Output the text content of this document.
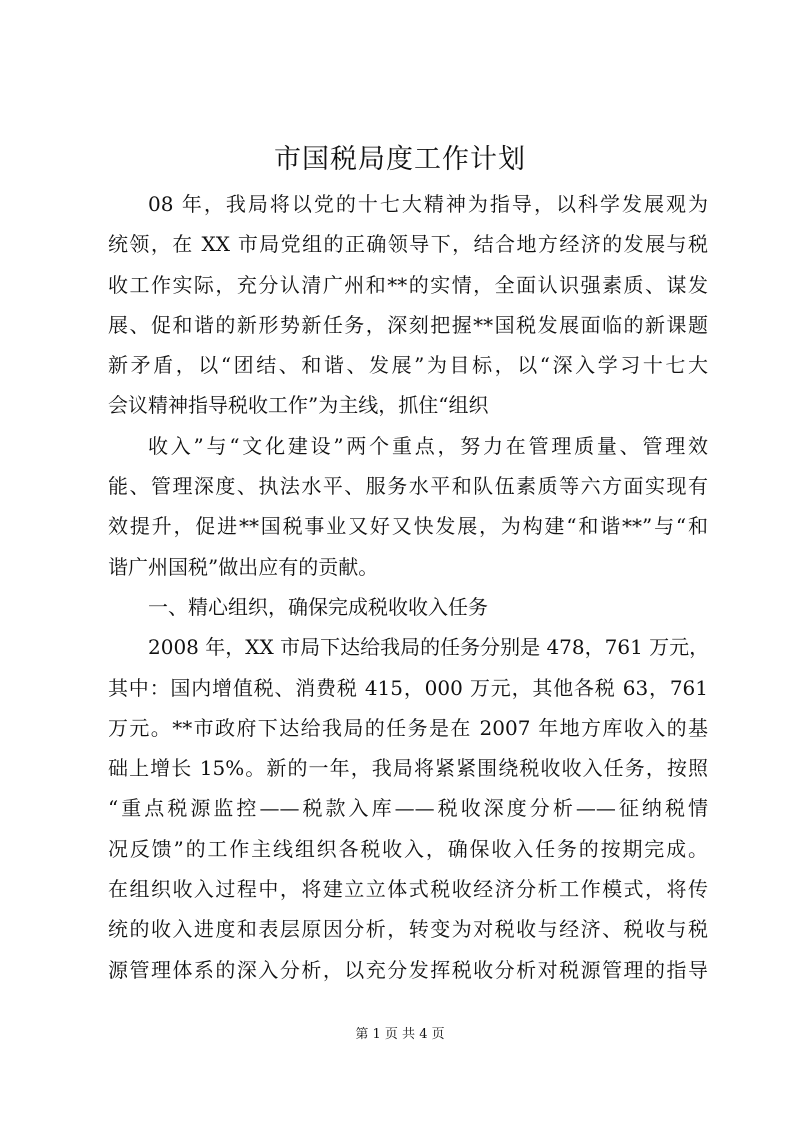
市国税局度工作计划
08 年，我局将以党的十七大精神为指导，以科学发展观为
统领，在 XX 市局党组的正确领导下，结合地方经济的发展与税
收工作实际，充分认清广州和**的实情，全面认识强素质、谋发
展、促和谐的新形势新任务，深刻把握**国税发展面临的新课题
新矛盾，以“团结、和谐、发展”为目标，以“深入学习十七大
会议精神指导税收工作”为主线，抓住“组织
收入”与“文化建设”两个重点，努力在管理质量、管理效
能、管理深度、执法水平、服务水平和队伍素质等六方面实现有
效提升，促进**国税事业又好又快发展，为构建“和谐**”与“和
谐广州国税”做出应有的贡献。
一、精心组织，确保完成税收收入任务
2008 年，XX 市局下达给我局的任务分别是 478，761 万元，
其中：国内增值税、消费税 415，000 万元，其他各税 63，761
万元。**市政府下达给我局的任务是在 2007 年地方库收入的基
础上增长 15%。新的一年，我局将紧紧围绕税收收入任务，按照
“重点税源监控——税款入库——税收深度分析——征纳税情
况反馈”的工作主线组织各税收入，确保收入任务的按期完成。
在组织收入过程中，将建立立体式税收经济分析工作模式，将传
统的收入进度和表层原因分析，转变为对税收与经济、税收与税
源管理体系的深入分析，以充分发挥税收分析对税源管理的指导
第 1 页 共 4 页
